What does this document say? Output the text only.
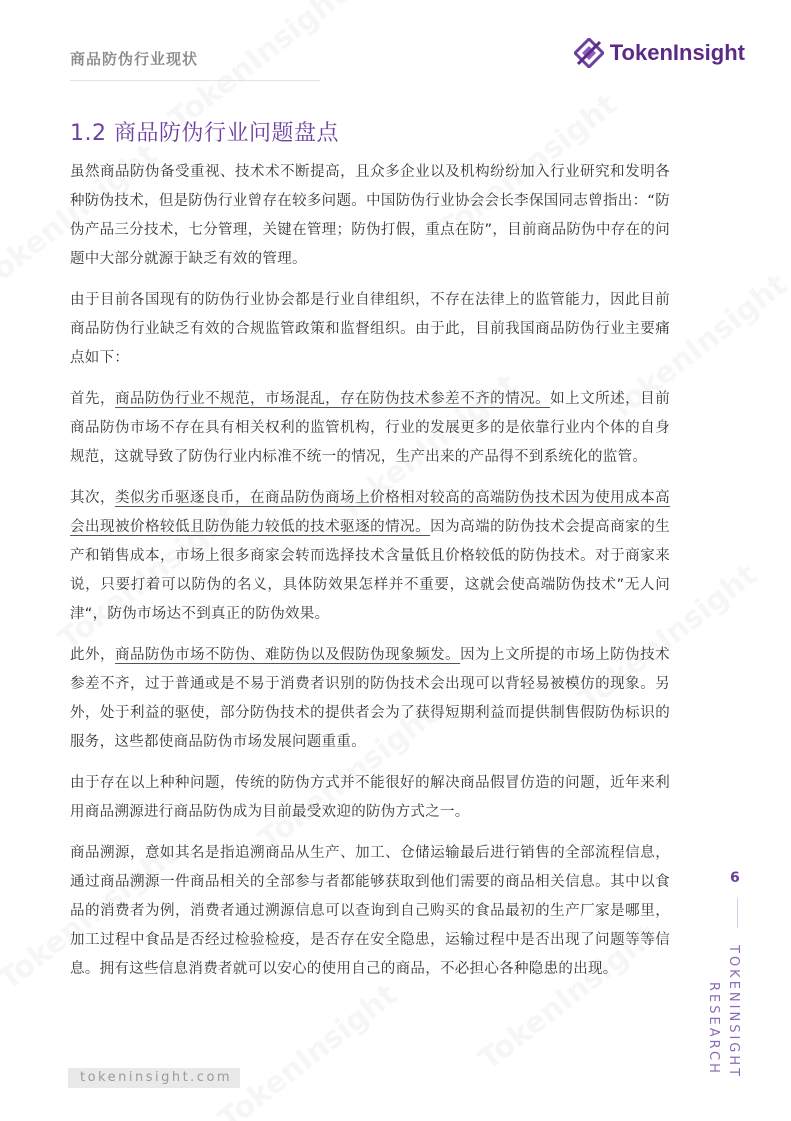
商品防伪行业现状	TokenInsight
1.2 商品防伪行业问题盘点

虽然商品防伪备受重视、技术术不断提高，且众多企业以及机构纷纷加入行业研究和发明各种防伪技术，但是防伪行业曾存在较多问题。中国防伪行业协会会长李保国同志曾指出：“防伪产品三分技术，七分管理，关键在管理；防伪打假，重点在防”，目前商品防伪中存在的问题中大部分就源于缺乏有效的管理。

由于目前各国现有的防伪行业协会都是行业自律组织，不存在法律上的监管能力，因此目前商品防伪行业缺乏有效的合规监管政策和监督组织。由于此，目前我国商品防伪行业主要痛点如下：

首先，商品防伪行业不规范，市场混乱，存在防伪技术参差不齐的情况。如上文所述，目前商品防伪市场不存在具有相关权利的监管机构，行业的发展更多的是依靠行业内个体的自身规范，这就导致了防伪行业内标准不统一的情况，生产出来的产品得不到系统化的监管。

其次，类似劣币驱逐良币，在商品防伪商场上价格相对较高的高端防伪技术因为使用成本高会出现被价格较低且防伪能力较低的技术驱逐的情况。因为高端的防伪技术会提高商家的生产和销售成本，市场上很多商家会转而选择技术含量低且价格较低的防伪技术。对于商家来说，只要打着可以防伪的名义，具体防效果怎样并不重要，这就会使高端防伪技术”无人问津“，防伪市场达不到真正的防伪效果。

此外，商品防伪市场不防伪、难防伪以及假防伪现象频发。因为上文所提的市场上防伪技术参差不齐，过于普通或是不易于消费者识别的防伪技术会出现可以背轻易被模仿的现象。另外，处于利益的驱使，部分防伪技术的提供者会为了获得短期利益而提供制售假防伪标识的服务，这些都使商品防伪市场发展问题重重。

由于存在以上种种问题，传统的防伪方式并不能很好的解决商品假冒仿造的问题，近年来利用商品溯源进行商品防伪成为目前最受欢迎的防伪方式之一。

商品溯源，意如其名是指追溯商品从生产、加工、仓储运输最后进行销售的全部流程信息，通过商品溯源一件商品相关的全部参与者都能够获取到他们需要的商品相关信息。其中以食品的消费者为例，消费者通过溯源信息可以查询到自己购买的食品最初的生产厂家是哪里，加工过程中食品是否经过检验检疫，是否存在安全隐患，运输过程中是否出现了问题等等信息。拥有这些信息消费者就可以安心的使用自己的商品，不必担心各种隐患的出现。

6
TOKENINSIGHT
RESEARCH
tokeninsight.com
